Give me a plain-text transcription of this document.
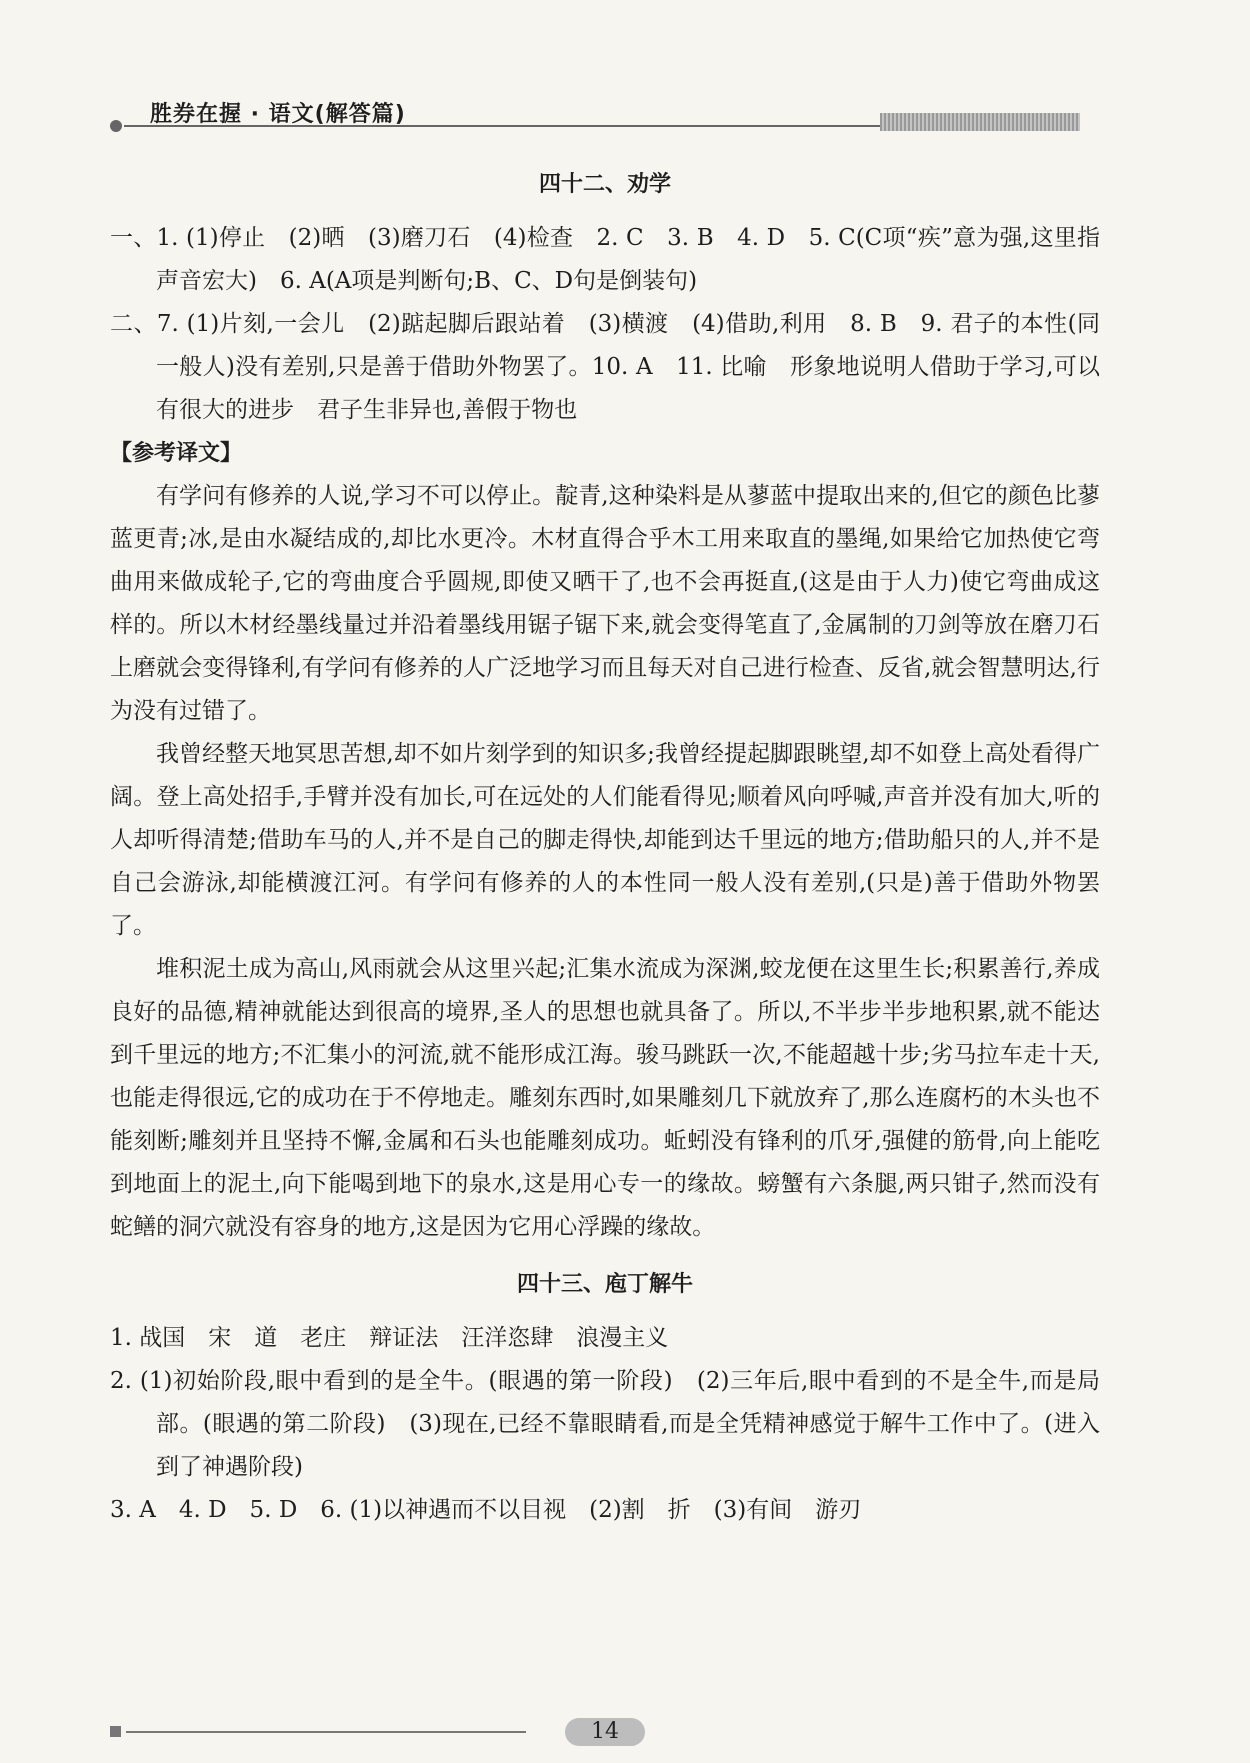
胜券在握 · 语文(解答篇)
四十二、劝学

一、1. (1)停止　(2)晒　(3)磨刀石　(4)检查　2. C　3. B　4. D　5. C(C项“疾”意为强,这里指声音宏大)　6. A(A项是判断句;B、C、D句是倒装句)

二、7. (1)片刻,一会儿　(2)踮起脚后跟站着　(3)横渡　(4)借助,利用　8. B　9. 君子的本性(同一般人)没有差别,只是善于借助外物罢了。10. A　11. 比喻　形象地说明人借助于学习,可以有很大的进步　君子生非异也,善假于物也

【参考译文】

有学问有修养的人说,学习不可以停止。靛青,这种染料是从蓼蓝中提取出来的,但它的颜色比蓼蓝更青;冰,是由水凝结成的,却比水更冷。木材直得合乎木工用来取直的墨绳,如果给它加热使它弯曲用来做成轮子,它的弯曲度合乎圆规,即使又晒干了,也不会再挺直,(这是由于人力)使它弯曲成这样的。所以木材经墨线量过并沿着墨线用锯子锯下来,就会变得笔直了,金属制的刀剑等放在磨刀石上磨就会变得锋利,有学问有修养的人广泛地学习而且每天对自己进行检查、反省,就会智慧明达,行为没有过错了。

我曾经整天地冥思苦想,却不如片刻学到的知识多;我曾经提起脚跟眺望,却不如登上高处看得广阔。登上高处招手,手臂并没有加长,可在远处的人们能看得见;顺着风向呼喊,声音并没有加大,听的人却听得清楚;借助车马的人,并不是自己的脚走得快,却能到达千里远的地方;借助船只的人,并不是自己会游泳,却能横渡江河。有学问有修养的人的本性同一般人没有差别,(只是)善于借助外物罢了。

堆积泥土成为高山,风雨就会从这里兴起;汇集水流成为深渊,蛟龙便在这里生长;积累善行,养成良好的品德,精神就能达到很高的境界,圣人的思想也就具备了。所以,不半步半步地积累,就不能达到千里远的地方;不汇集小的河流,就不能形成江海。骏马跳跃一次,不能超越十步;劣马拉车走十天,也能走得很远,它的成功在于不停地走。雕刻东西时,如果雕刻几下就放弃了,那么连腐朽的木头也不能刻断;雕刻并且坚持不懈,金属和石头也能雕刻成功。蚯蚓没有锋利的爪牙,强健的筋骨,向上能吃到地面上的泥土,向下能喝到地下的泉水,这是用心专一的缘故。螃蟹有六条腿,两只钳子,然而没有蛇鳝的洞穴就没有容身的地方,这是因为它用心浮躁的缘故。

四十三、庖丁解牛

1. 战国　宋　道　老庄　辩证法　汪洋恣肆　浪漫主义

2. (1)初始阶段,眼中看到的是全牛。(眼遇的第一阶段)　(2)三年后,眼中看到的不是全牛,而是局部。(眼遇的第二阶段)　(3)现在,已经不靠眼睛看,而是全凭精神感觉于解牛工作中了。(进入到了神遇阶段)

3. A　4. D　5. D　6. (1)以神遇而不以目视　(2)割　折　(3)有间　游刃

14
